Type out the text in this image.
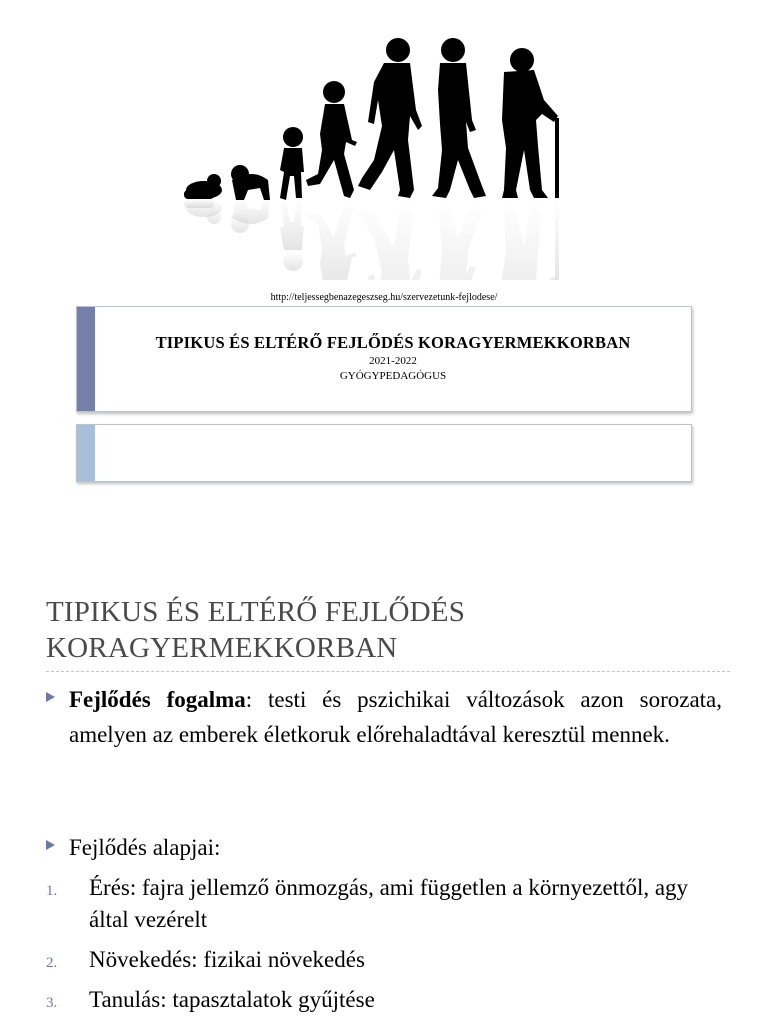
http://teljessegbenazegeszseg.hu/szervezetunk-fejlodese/
TIPIKUS ÉS ELTÉRŐ FEJLŐDÉS KORAGYERMEKKORBAN
2021-2022
GYÓGYPEDAGÓGUS
TIPIKUS ÉS ELTÉRŐ FEJLŐDÉS
KORAGYERMEKKORBAN
Fejlődés fogalma: testi és pszichikai változások azon sorozata, amelyen az emberek életkoruk előrehaladtával keresztül mennek.
Fejlődés alapjai:
1. Érés: fajra jellemző önmozgás, ami független a környezettől, agy által vezérelt
2. Növekedés: fizikai növekedés
3. Tanulás: tapasztalatok gyűjtése
